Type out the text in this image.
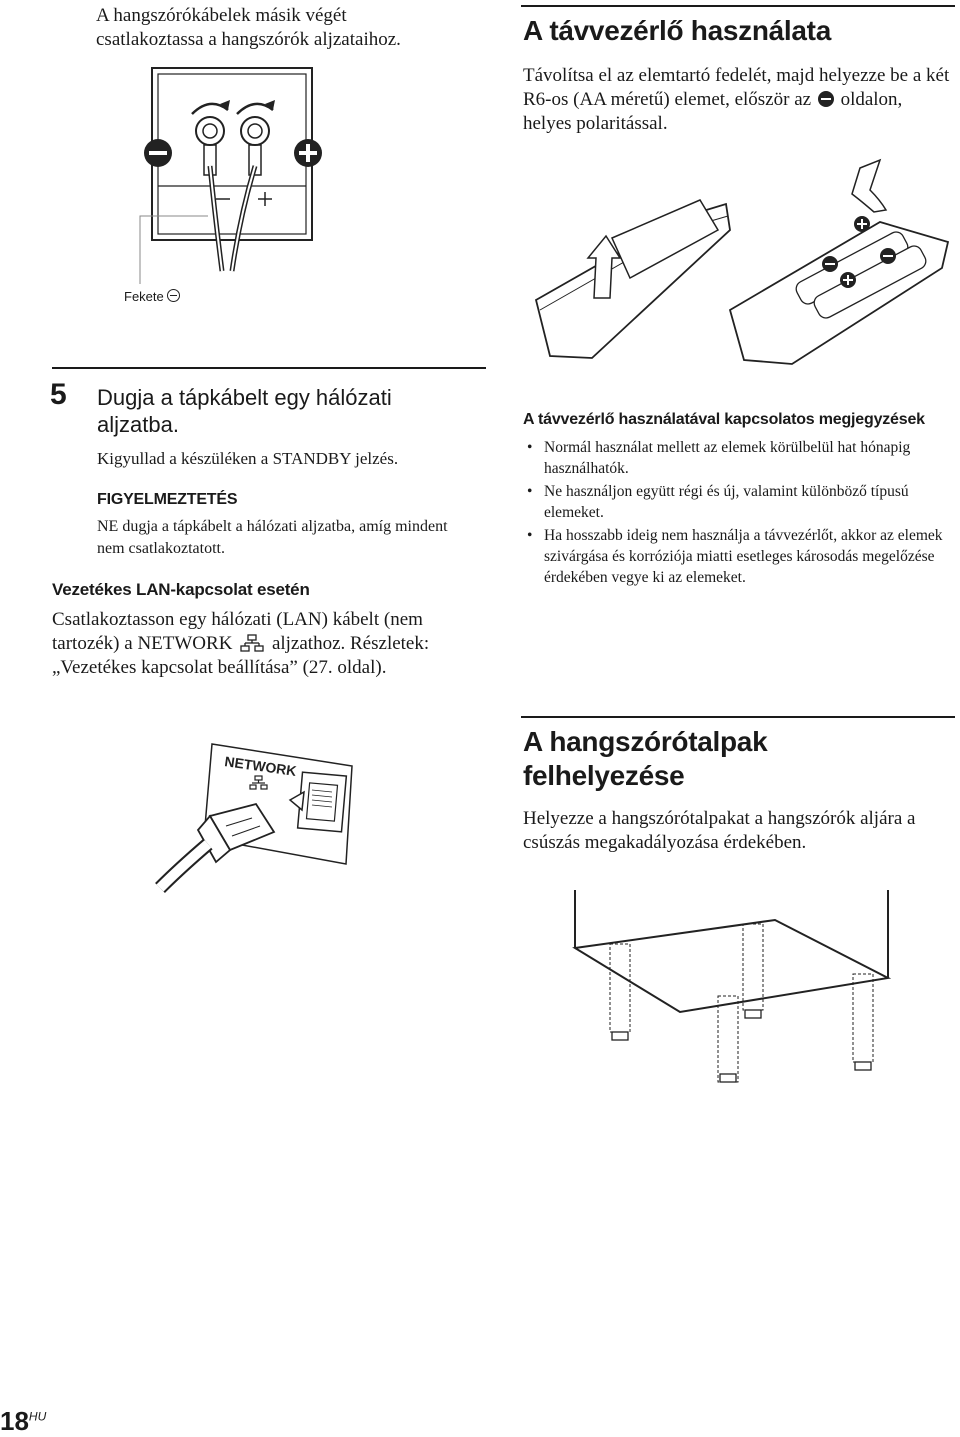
A hangszórókábelek másik végét csatlakoztassa a hangszórók aljzataihoz.
Fekete
5 Dugja a tápkábelt egy hálózati aljzatba.
Kigyullad a készüléken a STANDBY jelzés.
FIGYELMEZTETÉS
NE dugja a tápkábelt a hálózati aljzatba, amíg mindent nem csatlakoztatott.
Vezetékes LAN-kapcsolat esetén
Csatlakoztasson egy hálózati (LAN) kábelt (nem tartozék) a NETWORK aljzathoz. Részletek: „Vezetékes kapcsolat beállítása” (27. oldal).
NETWORK
A távvezérlő használata
Távolítsa el az elemtartó fedelét, majd helyezze be a két R6-os (AA méretű) elemet, először az oldalon, helyes polaritással.
A távvezérlő használatával kapcsolatos megjegyzések
• Normál használat mellett az elemek körülbelül hat hónapig használhatók.
• Ne használjon együtt régi és új, valamint különböző típusú elemeket.
• Ha hosszabb ideig nem használja a távvezérlőt, akkor az elemek szivárgása és korróziója miatti esetleges károsodás megelőzése érdekében vegye ki az elemeket.
A hangszórótalpak felhelyezése
Helyezze a hangszórótalpakat a hangszórók aljára a csúszás megakadályozása érdekében.
$18^{HU}$
